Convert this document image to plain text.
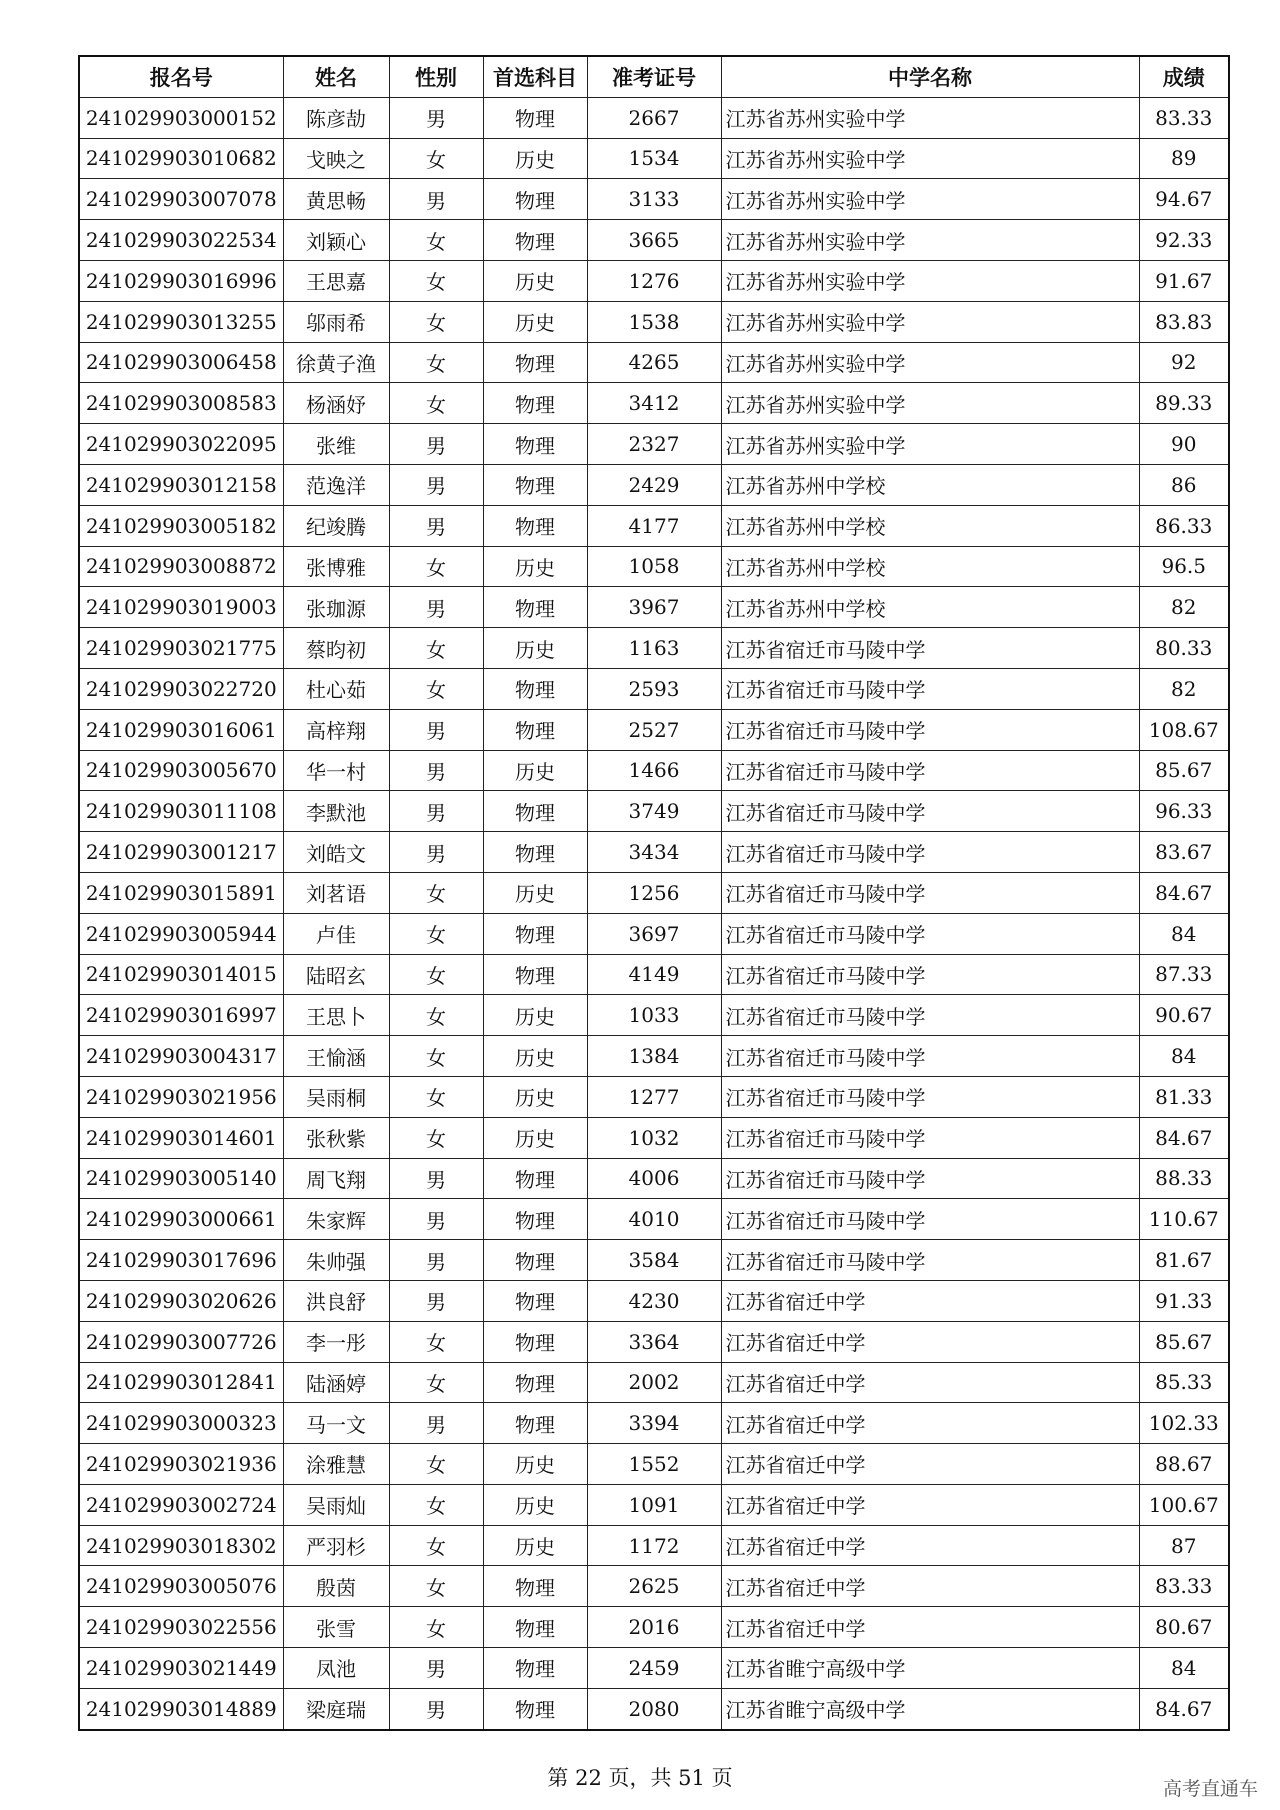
报名号	姓名	性别	首选科目	准考证号	中学名称	成绩
241029903000152	陈彦劼	男	物理	2667	江苏省苏州实验中学	83.33
241029903010682	戈映之	女	历史	1534	江苏省苏州实验中学	89
241029903007078	黄思畅	男	物理	3133	江苏省苏州实验中学	94.67
241029903022534	刘颖心	女	物理	3665	江苏省苏州实验中学	92.33
241029903016996	王思嘉	女	历史	1276	江苏省苏州实验中学	91.67
241029903013255	邬雨希	女	历史	1538	江苏省苏州实验中学	83.83
241029903006458	徐黄子渔	女	物理	4265	江苏省苏州实验中学	92
241029903008583	杨涵妤	女	物理	3412	江苏省苏州实验中学	89.33
241029903022095	张维	男	物理	2327	江苏省苏州实验中学	90
241029903012158	范逸洋	男	物理	2429	江苏省苏州中学校	86
241029903005182	纪竣腾	男	物理	4177	江苏省苏州中学校	86.33
241029903008872	张博雅	女	历史	1058	江苏省苏州中学校	96.5
241029903019003	张珈源	男	物理	3967	江苏省苏州中学校	82
241029903021775	蔡昀初	女	历史	1163	江苏省宿迁市马陵中学	80.33
241029903022720	杜心茹	女	物理	2593	江苏省宿迁市马陵中学	82
241029903016061	高梓翔	男	物理	2527	江苏省宿迁市马陵中学	108.67
241029903005670	华一村	男	历史	1466	江苏省宿迁市马陵中学	85.67
241029903011108	李默池	男	物理	3749	江苏省宿迁市马陵中学	96.33
241029903001217	刘皓文	男	物理	3434	江苏省宿迁市马陵中学	83.67
241029903015891	刘茗语	女	历史	1256	江苏省宿迁市马陵中学	84.67
241029903005944	卢佳	女	物理	3697	江苏省宿迁市马陵中学	84
241029903014015	陆昭玄	女	物理	4149	江苏省宿迁市马陵中学	87.33
241029903016997	王思卜	女	历史	1033	江苏省宿迁市马陵中学	90.67
241029903004317	王愉涵	女	历史	1384	江苏省宿迁市马陵中学	84
241029903021956	吴雨桐	女	历史	1277	江苏省宿迁市马陵中学	81.33
241029903014601	张秋紫	女	历史	1032	江苏省宿迁市马陵中学	84.67
241029903005140	周飞翔	男	物理	4006	江苏省宿迁市马陵中学	88.33
241029903000661	朱家辉	男	物理	4010	江苏省宿迁市马陵中学	110.67
241029903017696	朱帅强	男	物理	3584	江苏省宿迁市马陵中学	81.67
241029903020626	洪良舒	男	物理	4230	江苏省宿迁中学	91.33
241029903007726	李一彤	女	物理	3364	江苏省宿迁中学	85.67
241029903012841	陆涵婷	女	物理	2002	江苏省宿迁中学	85.33
241029903000323	马一文	男	物理	3394	江苏省宿迁中学	102.33
241029903021936	涂雅慧	女	历史	1552	江苏省宿迁中学	88.67
241029903002724	吴雨灿	女	历史	1091	江苏省宿迁中学	100.67
241029903018302	严羽杉	女	历史	1172	江苏省宿迁中学	87
241029903005076	殷茵	女	物理	2625	江苏省宿迁中学	83.33
241029903022556	张雪	女	物理	2016	江苏省宿迁中学	80.67
241029903021449	凤池	男	物理	2459	江苏省睢宁高级中学	84
241029903014889	梁庭瑞	男	物理	2080	江苏省睢宁高级中学	84.67
第 22 页，共 51 页	高考直通车
